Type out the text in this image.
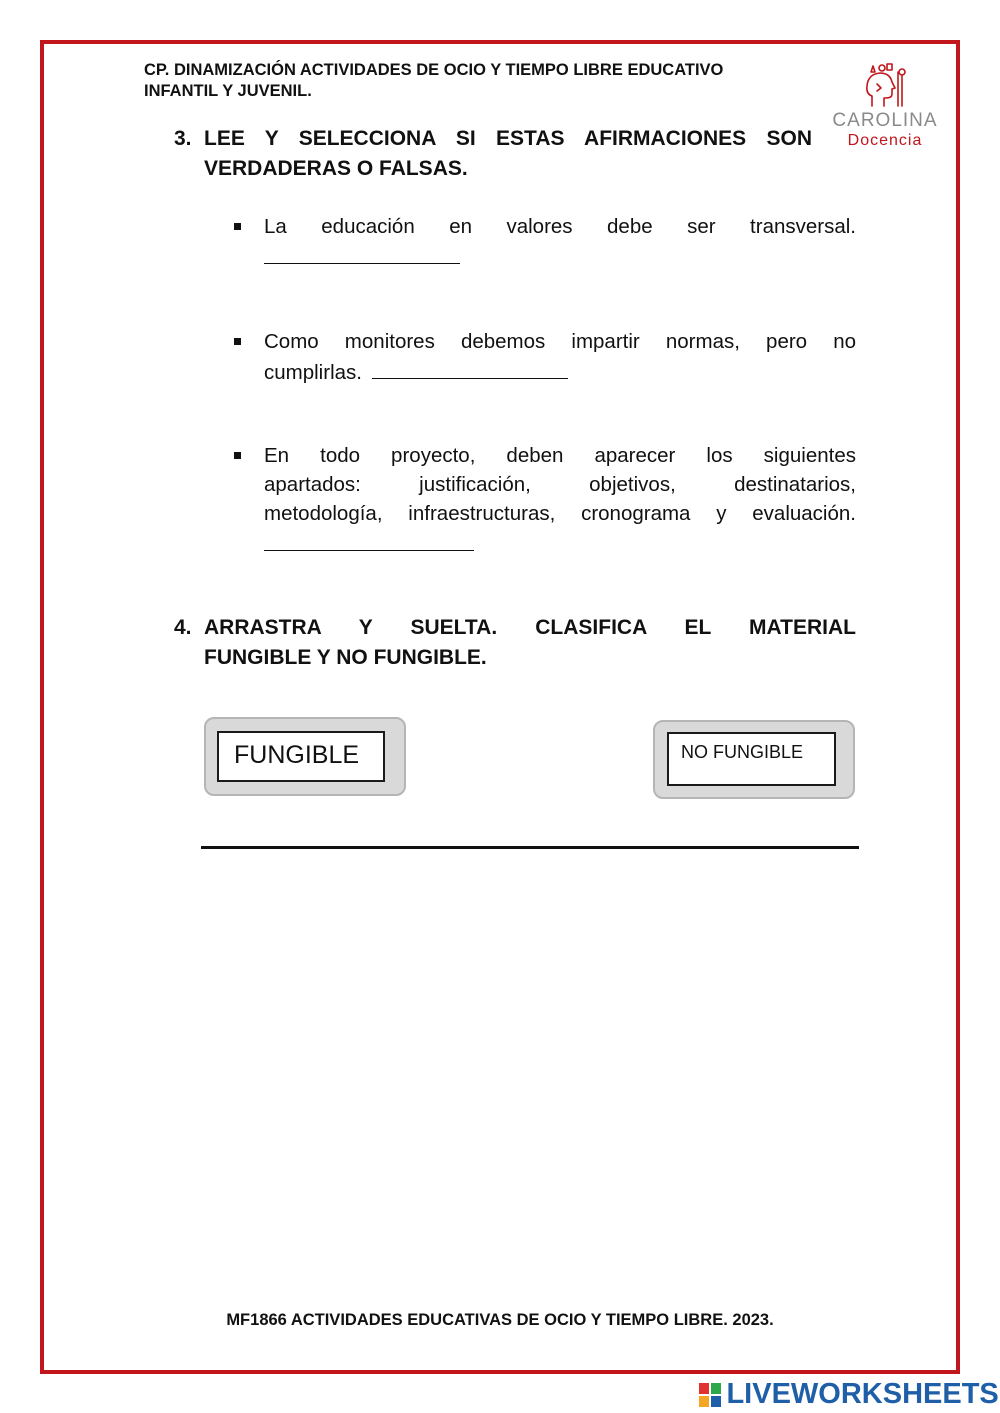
CP. DINAMIZACIÓN ACTIVIDADES DE OCIO Y TIEMPO LIBRE EDUCATIVO
INFANTIL Y JUVENIL.
CAROLINA
Docencia
3. LEE Y SELECCIONA SI ESTAS AFIRMACIONES SON
VERDADERAS O FALSAS.
La educación en valores debe ser transversal.
Como monitores debemos impartir normas, pero no
cumplirlas.
En todo proyecto, deben aparecer los siguientes
apartados: justificación, objetivos, destinatarios,
metodología, infraestructuras, cronograma y evaluación.
4. ARRASTRA Y SUELTA. CLASIFICA EL MATERIAL
FUNGIBLE Y NO FUNGIBLE.
FUNGIBLE	NO FUNGIBLE
MF1866 ACTIVIDADES EDUCATIVAS DE OCIO Y TIEMPO LIBRE. 2023.
LIVEWORKSHEETS
